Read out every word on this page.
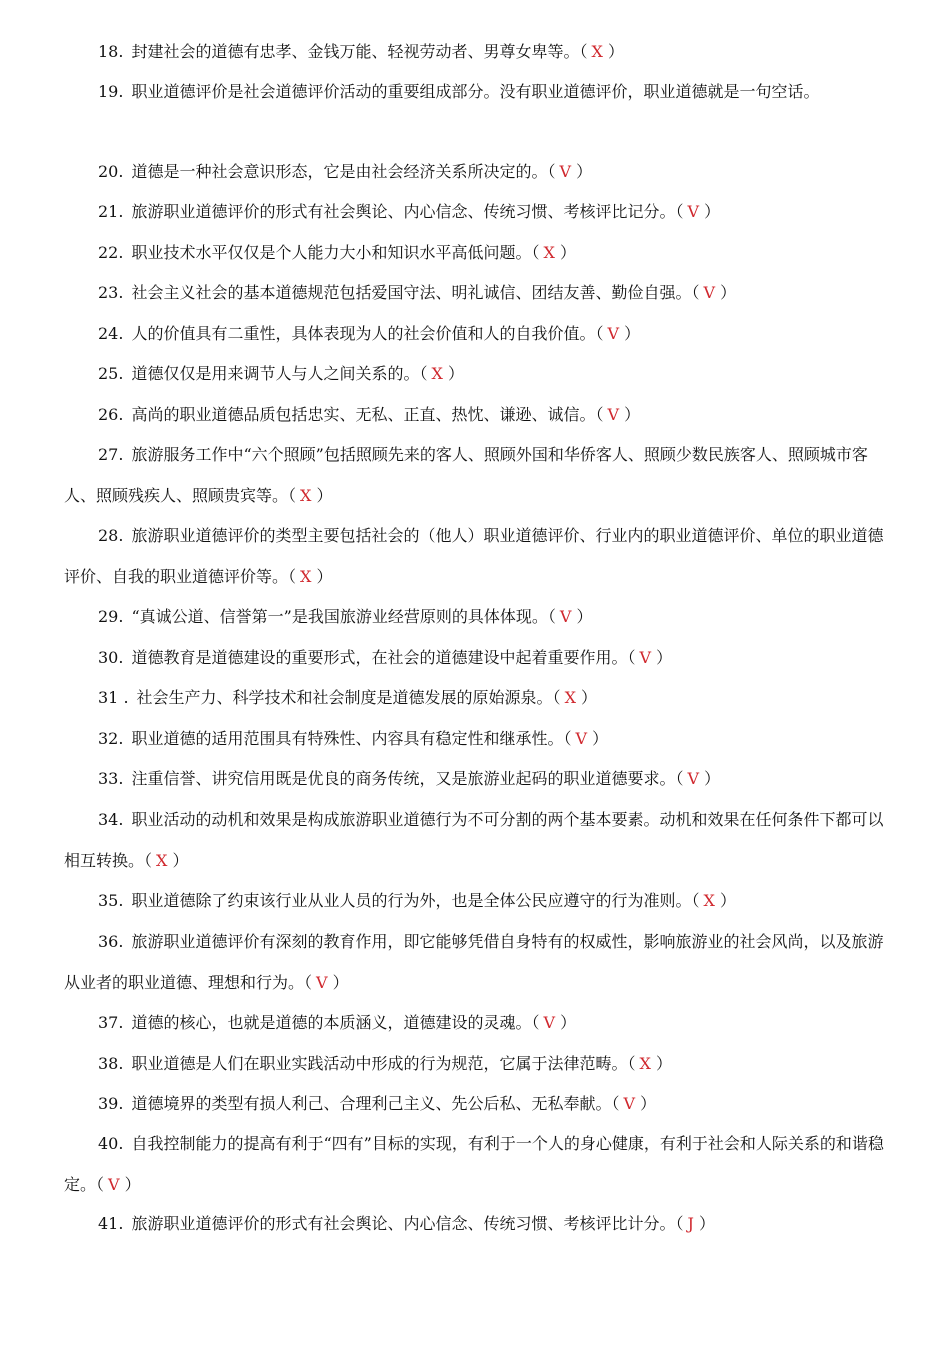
18. 封建社会的道德有忠孝、金钱万能、轻视劳动者、男尊女卑等。（ X ）
19. 职业道德评价是社会道德评价活动的重要组成部分。没有职业道德评价，职业道德就是一句空话。
20. 道德是一种社会意识形态，它是由社会经济关系所决定的。（ V ）
21. 旅游职业道德评价的形式有社会舆论、内心信念、传统习惯、考核评比记分。（ V ）
22. 职业技术水平仅仅是个人能力大小和知识水平高低问题。（ X ）
23. 社会主义社会的基本道德规范包括爱国守法、明礼诚信、团结友善、勤俭自强。（ V ）
24. 人的价值具有二重性，具体表现为人的社会价值和人的自我价值。（ V ）
25. 道德仅仅是用来调节人与人之间关系的。（ X ）
26. 高尚的职业道德品质包括忠实、无私、正直、热忱、谦逊、诚信。（ V ）
27. 旅游服务工作中“六个照顾”包括照顾先来的客人、照顾外国和华侨客人、照顾少数民族客人、照顾城市客人、照顾残疾人、照顾贵宾等。（ X ）
28. 旅游职业道德评价的类型主要包括社会的（他人）职业道德评价、行业内的职业道德评价、单位的职业道德评价、自我的职业道德评价等。（ X ）
29. “真诚公道、信誉第一”是我国旅游业经营原则的具体体现。（ V ）
30. 道德教育是道德建设的重要形式，在社会的道德建设中起着重要作用。（ V ）
31 . 社会生产力、科学技术和社会制度是道德发展的原始源泉。（ X ）
32. 职业道德的适用范围具有特殊性、内容具有稳定性和继承性。（ V ）
33. 注重信誉、讲究信用既是优良的商务传统，又是旅游业起码的职业道德要求。（ V ）
34. 职业活动的动机和效果是构成旅游职业道德行为不可分割的两个基本要素。动机和效果在任何条件下都可以相互转换。（ X ）
35. 职业道德除了约束该行业从业人员的行为外，也是全体公民应遵守的行为准则。（ X ）
36. 旅游职业道德评价有深刻的教育作用，即它能够凭借自身特有的权威性，影响旅游业的社会风尚，以及旅游从业者的职业道德、理想和行为。（ V ）
37. 道德的核心，也就是道德的本质涵义，道德建设的灵魂。（ V ）
38. 职业道德是人们在职业实践活动中形成的行为规范，它属于法律范畴。（ X ）
39. 道德境界的类型有损人利己、合理利己主义、先公后私、无私奉献。（ V ）
40. 自我控制能力的提高有利于“四有”目标的实现，有利于一个人的身心健康，有利于社会和人际关系的和谐稳定。（ V ）
41. 旅游职业道德评价的形式有社会舆论、内心信念、传统习惯、考核评比计分。（ J ）
